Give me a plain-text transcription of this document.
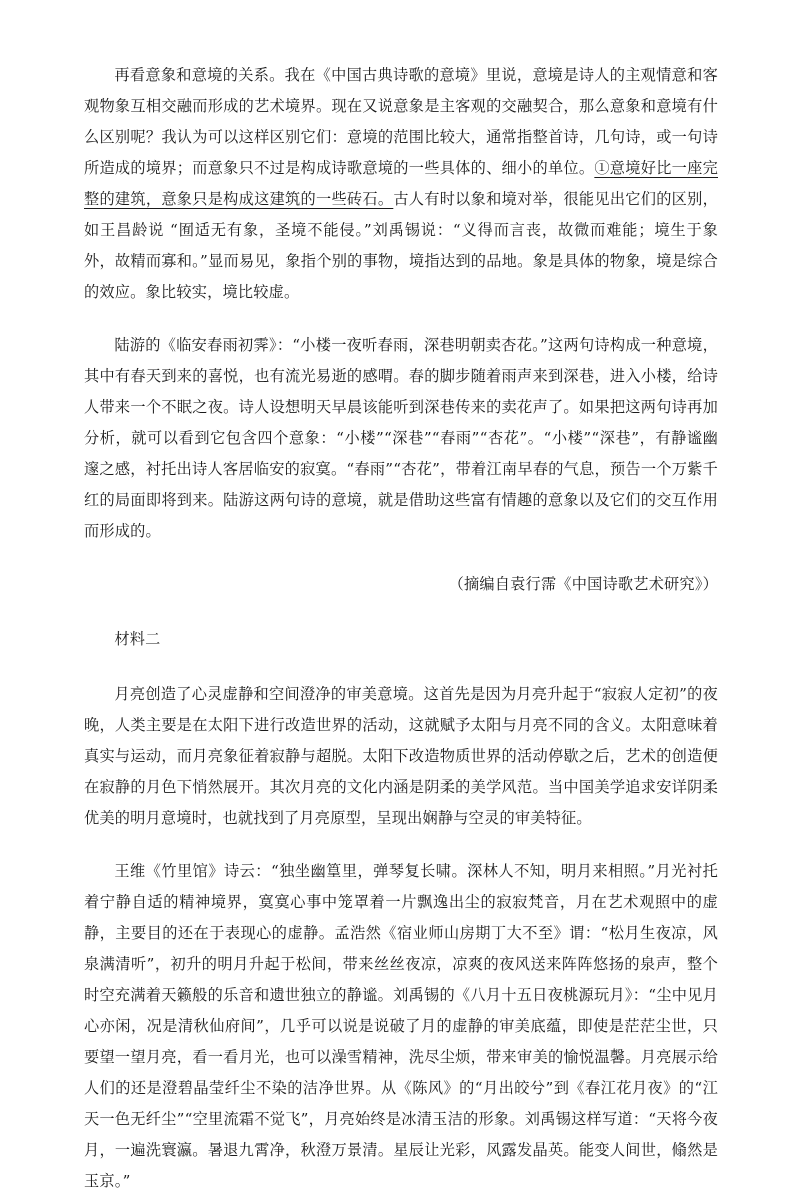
再看意象和意境的关系。我在《中国古典诗歌的意境》里说，意境是诗人的主观情意和客观物象互相交融而形成的艺术境界。现在又说意象是主客观的交融契合，那么意象和意境有什么区别呢？我认为可以这样区别它们：意境的范围比较大，通常指整首诗，几句诗，或一句诗所造成的境界；而意象只不过是构成诗歌意境的一些具体的、细小的单位。①意境好比一座完整的建筑，意象只是构成这建筑的一些砖石。古人有时以象和境对举，很能见出它们的区别，如王昌龄说 “囿适无有象，圣境不能侵。”刘禹锡说：“义得而言丧，故微而难能；境生于象外，故精而寡和。”显而易见，象指个别的事物，境指达到的品地。象是具体的物象，境是综合的效应。象比较实，境比较虚。

陆游的《临安春雨初霁》：“小楼一夜听春雨，深巷明朝卖杏花。”这两句诗构成一种意境，其中有春天到来的喜悦，也有流光易逝的感喟。春的脚步随着雨声来到深巷，进入小楼，给诗人带来一个不眠之夜。诗人设想明天早晨该能听到深巷传来的卖花声了。如果把这两句诗再加分析，就可以看到它包含四个意象：“小楼”“深巷”“春雨”“杏花”。“小楼”“深巷”，有静谧幽邃之感，衬托出诗人客居临安的寂寞。“春雨”“杏花”，带着江南早春的气息，预告一个万紫千红的局面即将到来。陆游这两句诗的意境，就是借助这些富有情趣的意象以及它们的交互作用而形成的。

（摘编自袁行霈《中国诗歌艺术研究》）

材料二

月亮创造了心灵虚静和空间澄净的审美意境。这首先是因为月亮升起于“寂寂人定初”的夜晚，人类主要是在太阳下进行改造世界的活动，这就赋予太阳与月亮不同的含义。太阳意味着真实与运动，而月亮象征着寂静与超脱。太阳下改造物质世界的活动停歇之后，艺术的创造便在寂静的月色下悄然展开。其次月亮的文化内涵是阴柔的美学风范。当中国美学追求安详阴柔优美的明月意境时，也就找到了月亮原型，呈现出娴静与空灵的审美特征。

王维《竹里馆》诗云：“独坐幽篁里，弹琴复长啸。深林人不知，明月来相照。”月光衬托着宁静自适的精神境界，寞寞心事中笼罩着一片飘逸出尘的寂寂梵音，月在艺术观照中的虚静，主要目的还在于表现心的虚静。孟浩然《宿业师山房期丁大不至》谓：“松月生夜凉，风泉满清听”，初升的明月升起于松间，带来丝丝夜凉，凉爽的夜风送来阵阵悠扬的泉声，整个时空充满着天籁般的乐音和遗世独立的静谧。刘禹锡的《八月十五日夜桃源玩月》：“尘中见月心亦闲，况是清秋仙府间”，几乎可以说是说破了月的虚静的审美底蕴，即使是茫茫尘世，只要望一望月亮，看一看月光，也可以澡雪精神，洗尽尘烦，带来审美的愉悦温馨。月亮展示给人们的还是澄碧晶莹纤尘不染的洁净世界。从《陈风》的“月出皎兮”到《春江花月夜》的“江天一色无纤尘”“空里流霜不觉飞”，月亮始终是冰清玉洁的形象。刘禹锡这样写道：“天将今夜月，一遍洗寰瀛。暑退九霄净，秋澄万景清。星辰让光彩，风露发晶英。能变人间世，翛然是玉京。”
